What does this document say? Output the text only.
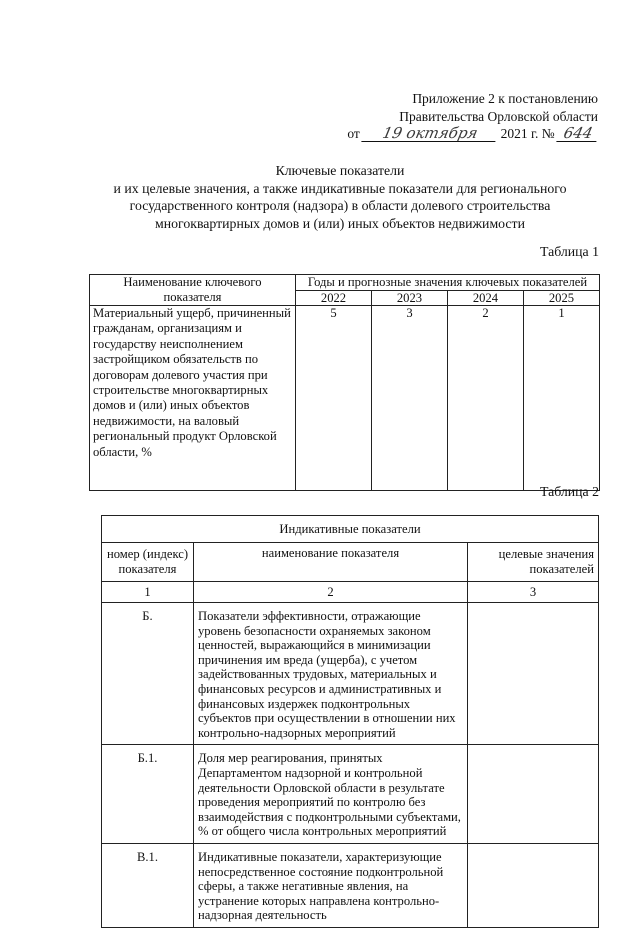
Приложение 2 к постановлению
Правительства Орловской области
от 19 октября 2021 г. № 644
Ключевые показатели
и их целевые значения, а также индикативные показатели для регионального
государственного контроля (надзора) в области долевого строительства
многоквартирных домов и (или) иных объектов недвижимости
Таблица 1
Наименование ключевого показателя	Годы и прогнозные значения ключевых показателей			
	2022	2023	2024	2025
Материальный ущерб, причиненный гражданам, организациям и государству неисполнением застройщиком обязательств по договорам долевого участия при строительстве многоквартирных домов и (или) иных объектов недвижимости, на валовый региональный продукт Орловской области, %	5	3	2	1
Таблица 2
Индикативные показатели		
номер (индекс) показателя	наименование показателя	целевые значения показателей
1	2	3
Б.	Показатели эффективности, отражающие уровень безопасности охраняемых законом ценностей, выражающийся в минимизации причинения им вреда (ущерба), с учетом задействованных трудовых, материальных и финансовых ресурсов и административных и финансовых издержек подконтрольных субъектов при осуществлении в отношении них контрольно-надзорных мероприятий	
Б.1.	Доля мер реагирования, принятых Департаментом надзорной и контрольной деятельности Орловской области в результате проведения мероприятий по контролю без взаимодействия с подконтрольными субъектами, % от общего числа контрольных мероприятий	
В.1.	Индикативные показатели, характеризующие непосредственное состояние подконтрольной сферы, а также негативные явления, на устранение которых направлена контрольно-надзорная деятельность	
